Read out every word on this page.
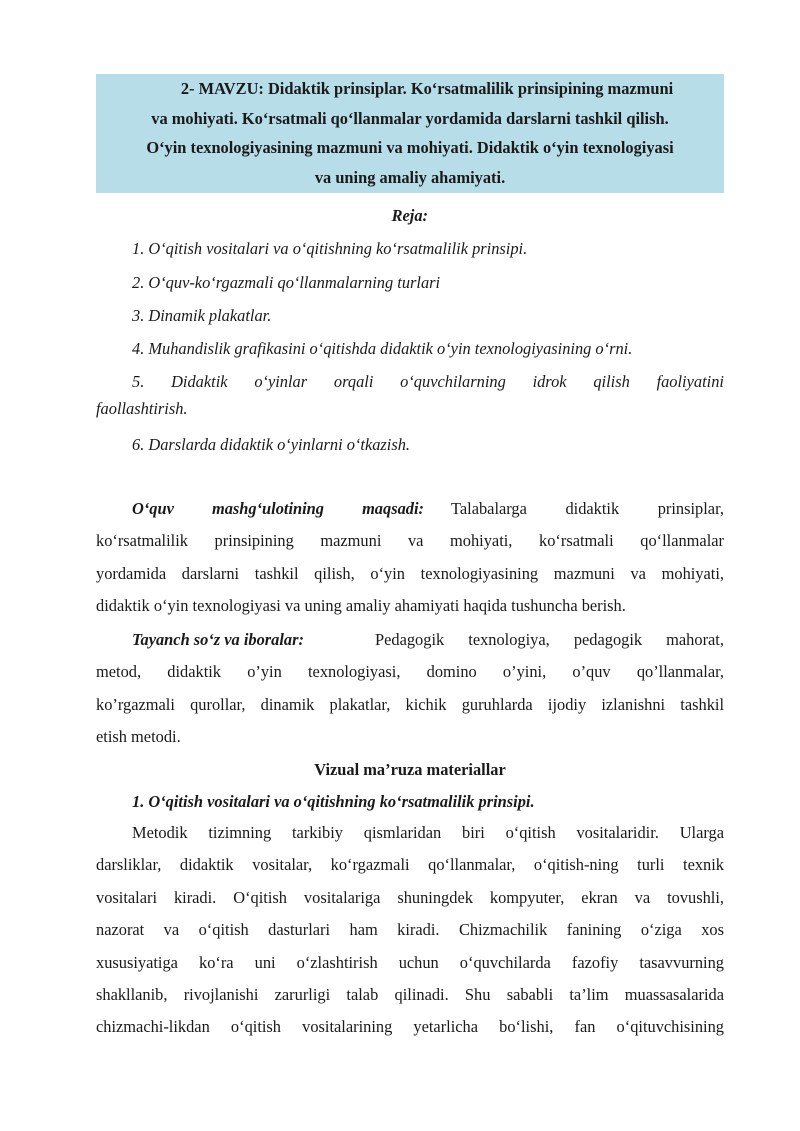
2- MAVZU: Didaktik prinsiplar. Ko‘rsatmalilik prinsipining mazmuni
va mohiyati. Ko‘rsatmali qo‘llanmalar yordamida darslarni tashkil qilish.
O‘yin texnologiyasining mazmuni va mohiyati. Didaktik o‘yin texnologiyasi
va uning amaliy ahamiyati.
Reja:
1. O‘qitish vositalari va o‘qitishning ko‘rsatmalilik prinsipi.
2. O‘quv-ko‘rgazmali qo‘llanmalarning turlari
3. Dinamik plakatlar.
4. Muhandislik grafikasini o‘qitishda didaktik o‘yin texnologiyasining o‘rni.
5. Didaktik o‘yinlar orqali o‘quvchilarning idrok qilish faoliyatini
faollashtirish.
6. Darslarda didaktik o‘yinlarni o‘tkazish.
O‘quv mashg‘ulotining maqsadi: Talabalarga didaktik prinsiplar,
ko‘rsatmalilik prinsipining mazmuni va mohiyati, ko‘rsatmali qo‘llanmalar
yordamida darslarni tashkil qilish, o‘yin texnologiyasining mazmuni va mohiyati,
didaktik o‘yin texnologiyasi va uning amaliy ahamiyati haqida tushuncha berish.
Tayanch so‘z va iboralar:	Pedagogik texnologiya, pedagogik mahorat,
metod, didaktik o’yin texnologiyasi, domino o’yini, o’quv qo’llanmalar,
ko’rgazmali qurollar, dinamik plakatlar, kichik guruhlarda ijodiy izlanishni tashkil
etish metodi.
Vizual ma’ruza materiallar
1. O‘qitish vositalari va o‘qitishning ko‘rsatmalilik prinsipi.
Metodik tizimning tarkibiy qismlaridan biri o‘qitish vositalaridir. Ularga
darsliklar, didaktik vositalar, ko‘rgazmali qo‘llanmalar, o‘qitish-ning turli texnik
vositalari kiradi. O‘qitish vositalariga shuningdek kompyuter, ekran va tovushli,
nazorat va o‘qitish dasturlari ham kiradi. Chizmachilik fanining o‘ziga xos
xususiyatiga ko‘ra uni o‘zlashtirish uchun o‘quvchilarda fazofiy tasavvurning
shakllanib, rivojlanishi zarurligi talab qilinadi. Shu sababli ta’lim muassasalarida
chizmachi-likdan o‘qitish vositalarining yetarlicha bo‘lishi, fan o‘qituvchisining
